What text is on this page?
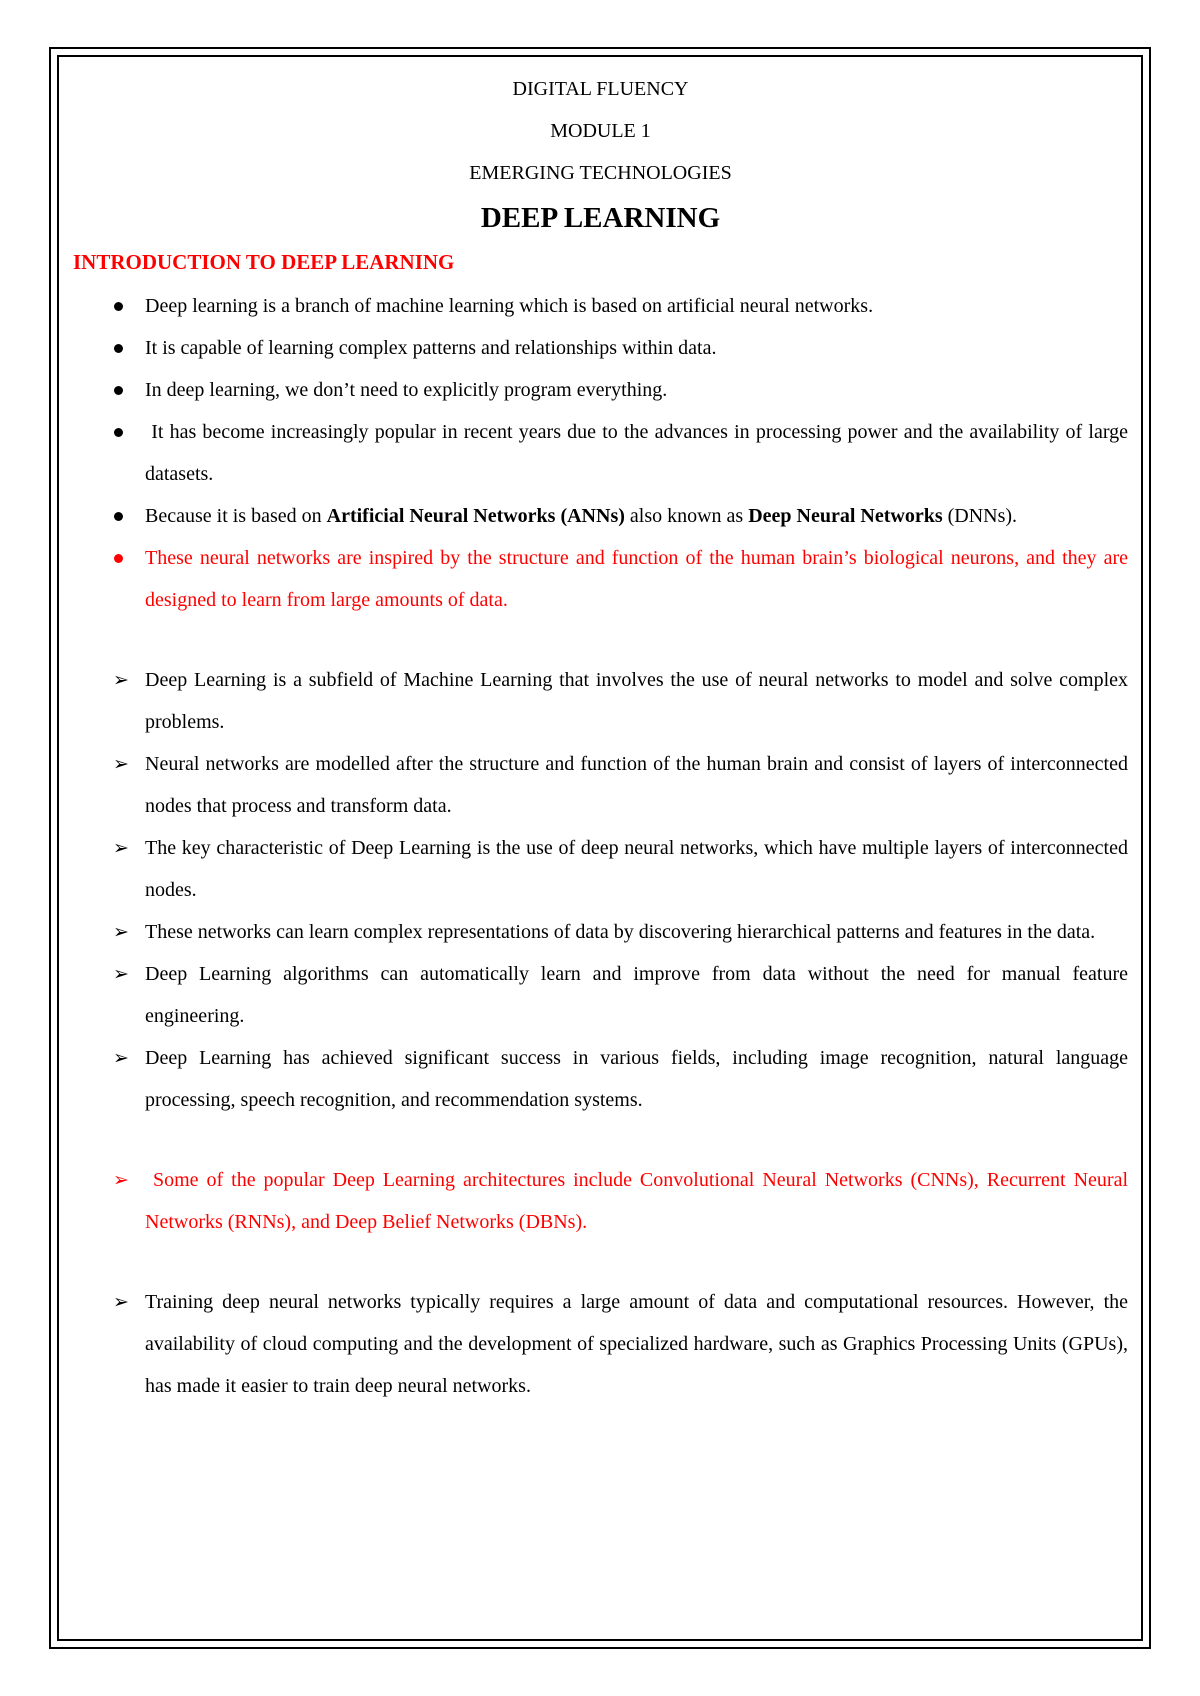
DIGITAL FLUENCY

MODULE 1

EMERGING TECHNOLOGIES

DEEP LEARNING

INTRODUCTION TO DEEP LEARNING

Deep learning is a branch of machine learning which is based on artificial neural networks.
It is capable of learning complex patterns and relationships within data.
In deep learning, we don’t need to explicitly program everything.
It has become increasingly popular in recent years due to the advances in processing power and the availability of large datasets.
Because it is based on Artificial Neural Networks (ANNs) also known as Deep Neural Networks (DNNs).
These neural networks are inspired by the structure and function of the human brain’s biological neurons, and they are designed to learn from large amounts of data.
➢ Deep Learning is a subfield of Machine Learning that involves the use of neural networks to model and solve complex problems.
➢ Neural networks are modelled after the structure and function of the human brain and consist of layers of interconnected nodes that process and transform data.
➢ The key characteristic of Deep Learning is the use of deep neural networks, which have multiple layers of interconnected nodes.
➢ These networks can learn complex representations of data by discovering hierarchical patterns and features in the data.
➢ Deep Learning algorithms can automatically learn and improve from data without the need for manual feature engineering.
➢ Deep Learning has achieved significant success in various fields, including image recognition, natural language processing, speech recognition, and recommendation systems.
➢ Some of the popular Deep Learning architectures include Convolutional Neural Networks (CNNs), Recurrent Neural Networks (RNNs), and Deep Belief Networks (DBNs).
➢ Training deep neural networks typically requires a large amount of data and computational resources. However, the availability of cloud computing and the development of specialized hardware, such as Graphics Processing Units (GPUs), has made it easier to train deep neural networks.
